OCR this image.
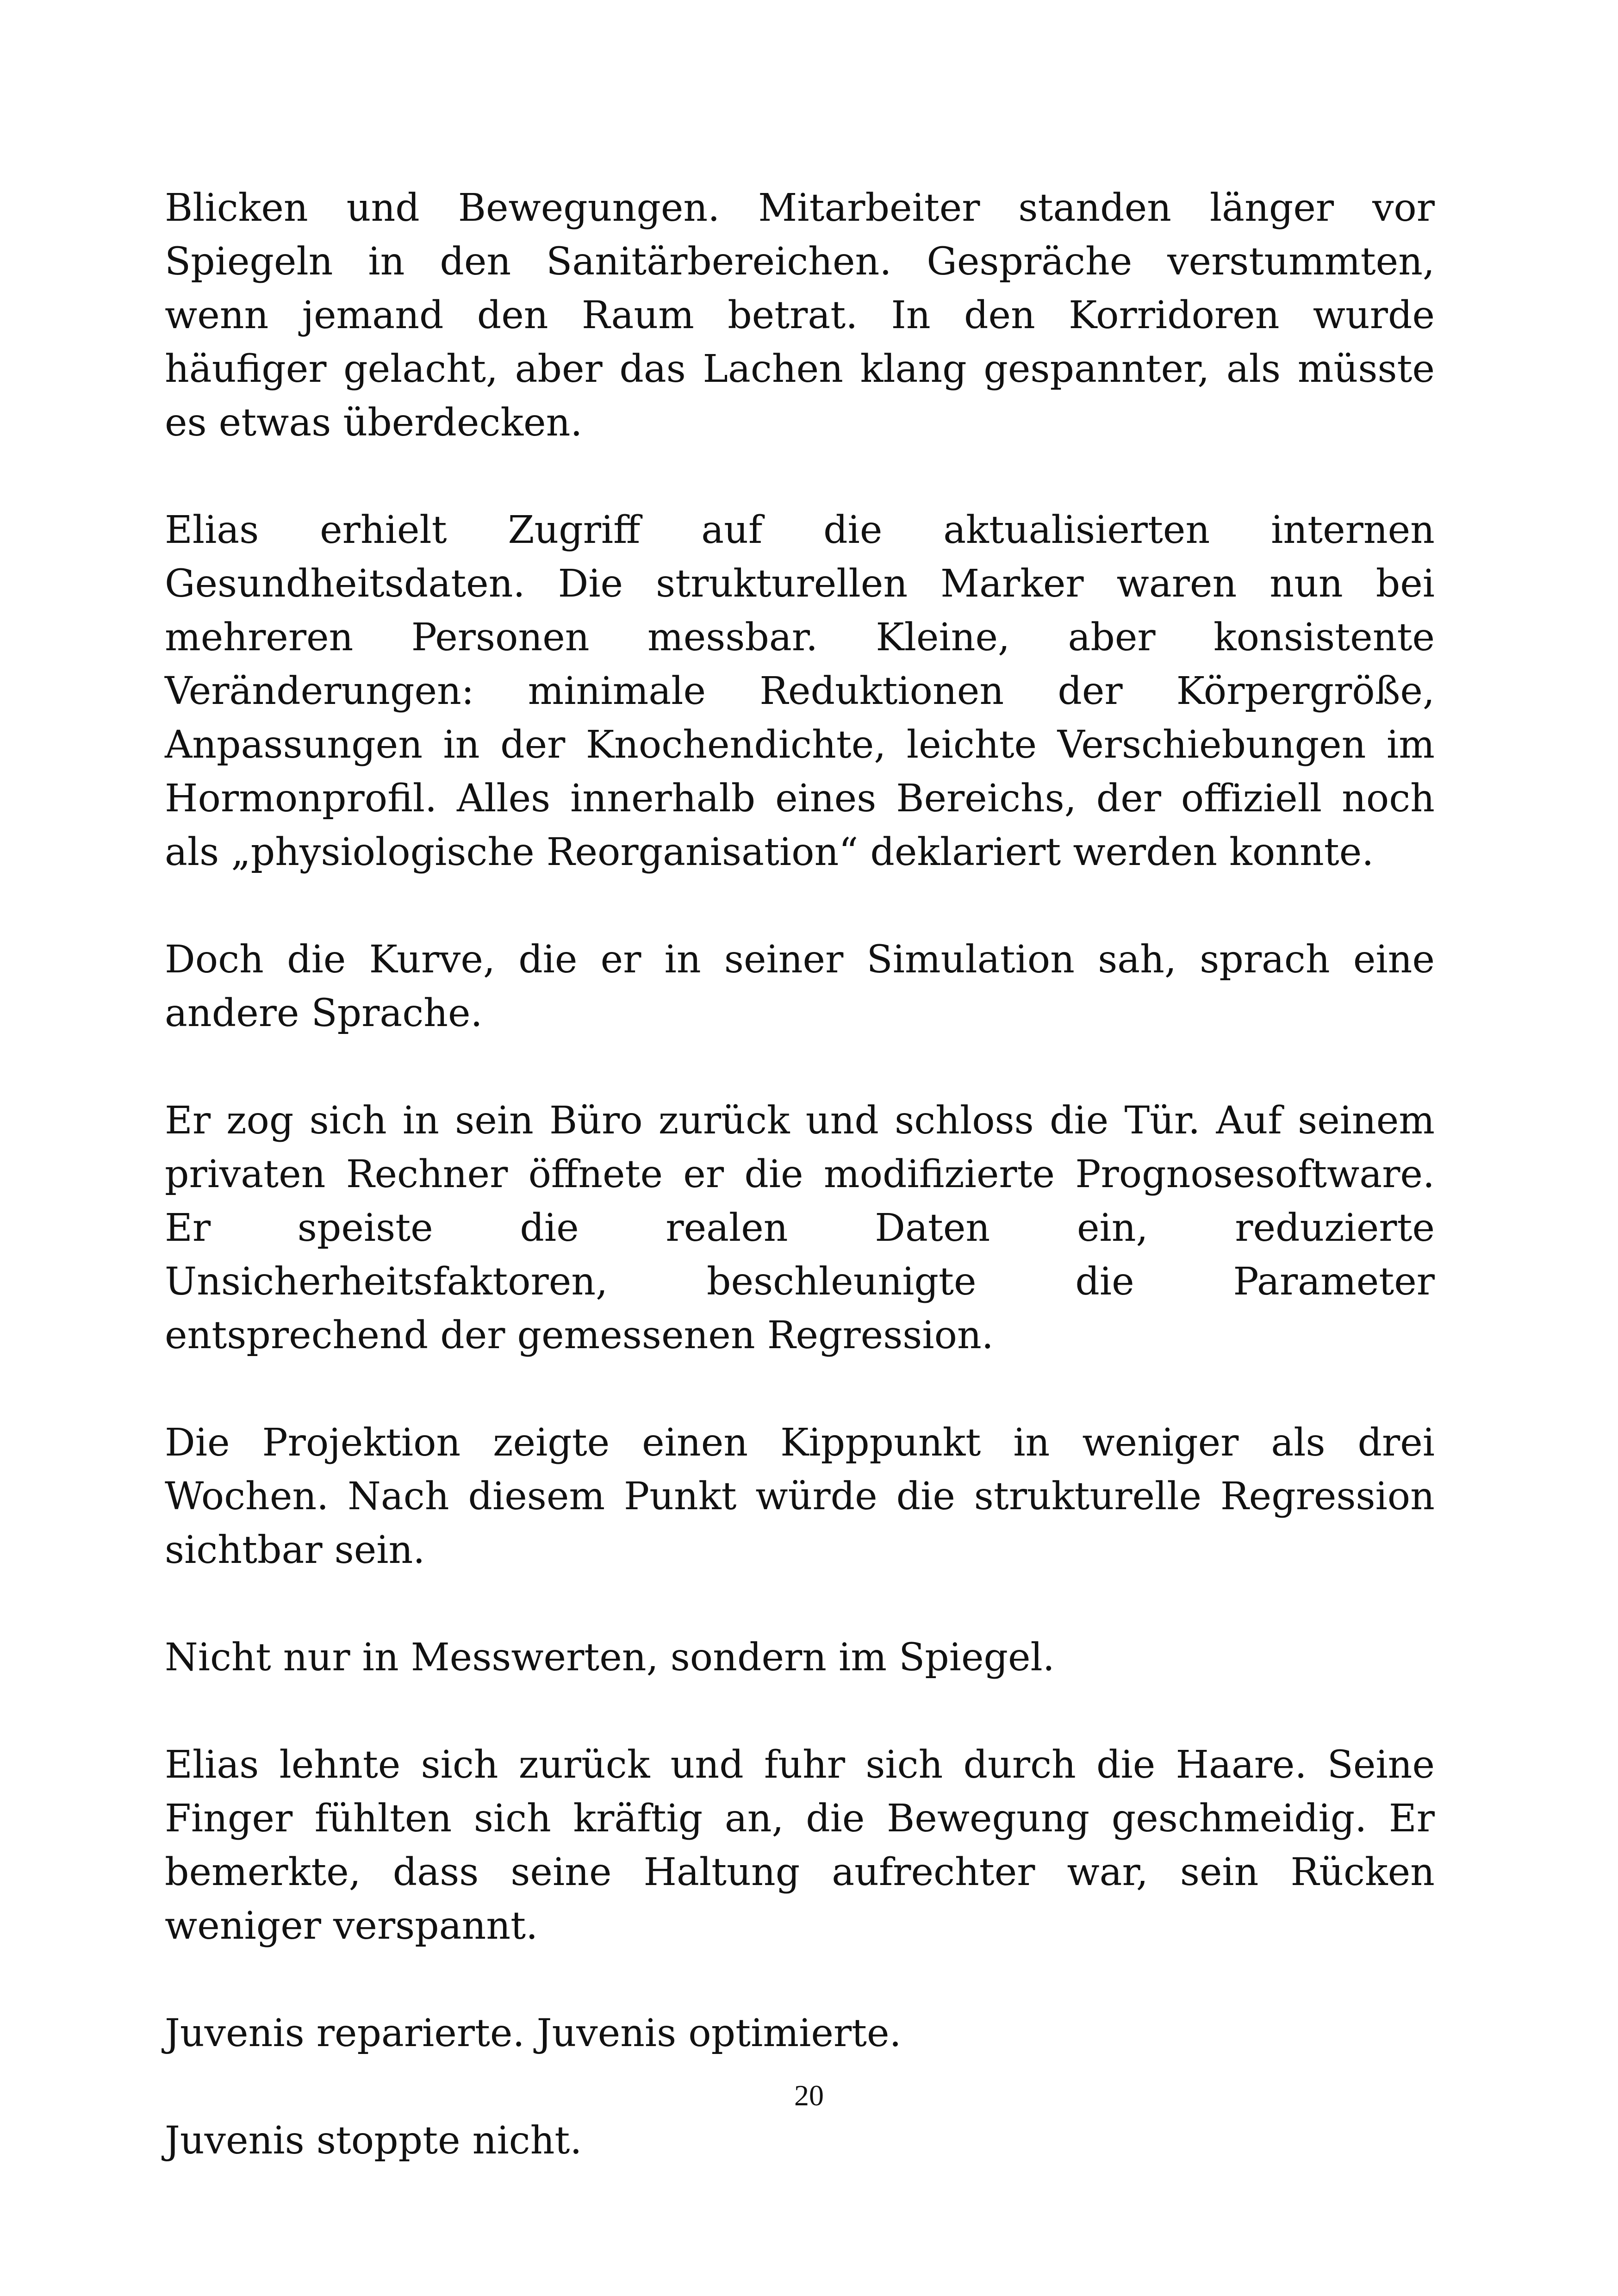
Blicken und Bewegungen. Mitarbeiter standen länger vor Spiegeln in den Sanitärbereichen. Gespräche verstummten, wenn jemand den Raum betrat. In den Korridoren wurde häufiger gelacht, aber das Lachen klang gespannter, als müsste es etwas überdecken.

Elias erhielt Zugriff auf die aktualisierten internen Gesundheitsdaten. Die strukturellen Marker waren nun bei mehreren Personen messbar. Kleine, aber konsistente Veränderungen: minimale Reduktionen der Körpergröße, Anpassungen in der Knochendichte, leichte Verschiebungen im Hormonprofil. Alles innerhalb eines Bereichs, der offiziell noch als „physiologische Reorganisation“ deklariert werden konnte.

Doch die Kurve, die er in seiner Simulation sah, sprach eine andere Sprache.

Er zog sich in sein Büro zurück und schloss die Tür. Auf seinem privaten Rechner öffnete er die modifizierte Prognosesoftware. Er speiste die realen Daten ein, reduzierte Unsicherheitsfaktoren, beschleunigte die Parameter entsprechend der gemessenen Regression.

Die Projektion zeigte einen Kipppunkt in weniger als drei Wochen. Nach diesem Punkt würde die strukturelle Regression sichtbar sein.

Nicht nur in Messwerten, sondern im Spiegel.

Elias lehnte sich zurück und fuhr sich durch die Haare. Seine Finger fühlten sich kräftig an, die Bewegung geschmeidig. Er bemerkte, dass seine Haltung aufrechter war, sein Rücken weniger verspannt.

Juvenis reparierte. Juvenis optimierte.

Juvenis stoppte nicht.

20
